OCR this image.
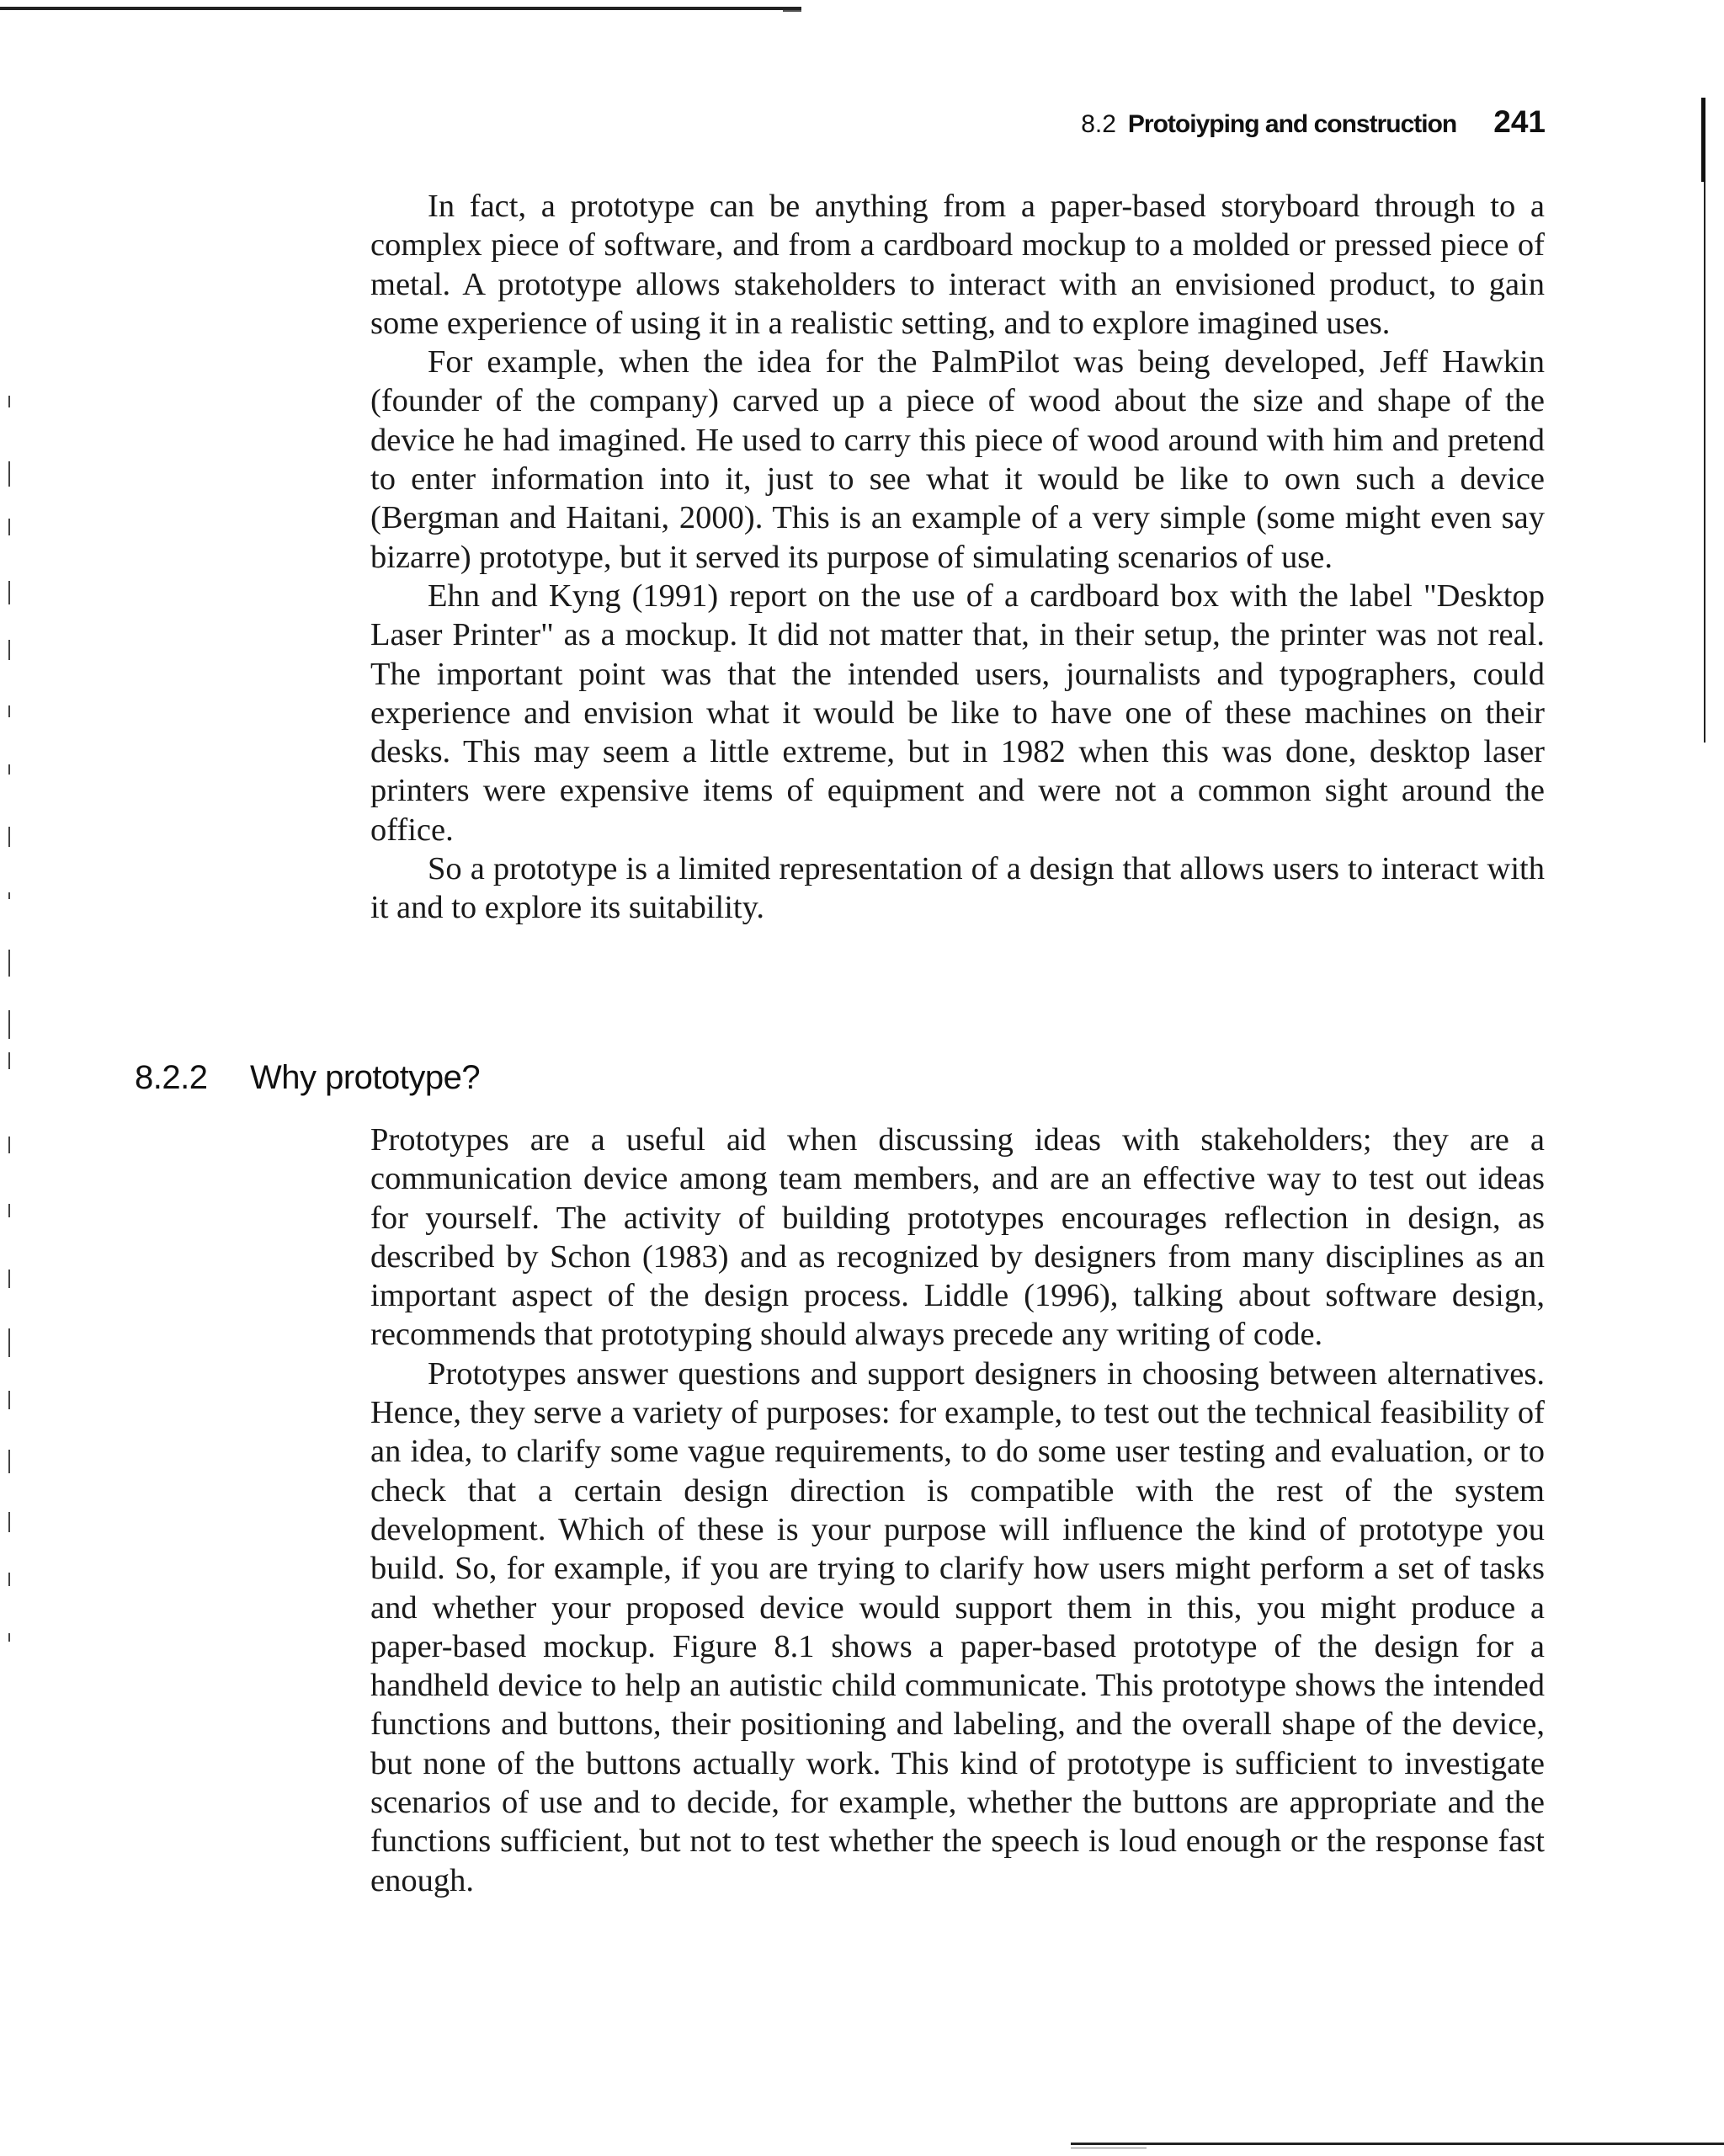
8.2 Protoiyping and construction 241

In fact, a prototype can be anything from a paper-based storyboard through to a complex piece of software, and from a cardboard mockup to a molded or pressed piece of metal. A prototype allows stakeholders to interact with an envisioned product, to gain some experience of using it in a realistic setting, and to explore imagined uses.

For example, when the idea for the PalmPilot was being developed, Jeff Hawkin (founder of the company) carved up a piece of wood about the size and shape of the device he had imagined. He used to carry this piece of wood around with him and pretend to enter information into it, just to see what it would be like to own such a device (Bergman and Haitani, 2000). This is an example of a very simple (some might even say bizarre) prototype, but it served its purpose of simulating scenarios of use.

Ehn and Kyng (1991) report on the use of a cardboard box with the label "Desktop Laser Printer" as a mockup. It did not matter that, in their setup, the printer was not real. The important point was that the intended users, journalists and typographers, could experience and envision what it would be like to have one of these machines on their desks. This may seem a little extreme, but in 1982 when this was done, desktop laser printers were expensive items of equipment and were not a common sight around the office.

So a prototype is a limited representation of a design that allows users to interact with it and to explore its suitability.

8.2.2	Why prototype?

Prototypes are a useful aid when discussing ideas with stakeholders; they are a communication device among team members, and are an effective way to test out ideas for yourself. The activity of building prototypes encourages reflection in design, as described by Schon (1983) and as recognized by designers from many disciplines as an important aspect of the design process. Liddle (1996), talking about software design, recommends that prototyping should always precede any writing of code.

Prototypes answer questions and support designers in choosing between alternatives. Hence, they serve a variety of purposes: for example, to test out the technical feasibility of an idea, to clarify some vague requirements, to do some user testing and evaluation, or to check that a certain design direction is compatible with the rest of the system development. Which of these is your purpose will influence the kind of prototype you build. So, for example, if you are trying to clarify how users might perform a set of tasks and whether your proposed device would support them in this, you might produce a paper-based mockup. Figure 8.1 shows a paper-based prototype of the design for a handheld device to help an autistic child communicate. This prototype shows the intended functions and buttons, their positioning and labeling, and the overall shape of the device, but none of the buttons actually work. This kind of prototype is sufficient to investigate scenarios of use and to decide, for example, whether the buttons are appropriate and the functions sufficient, but not to test whether the speech is loud enough or the response fast enough.
